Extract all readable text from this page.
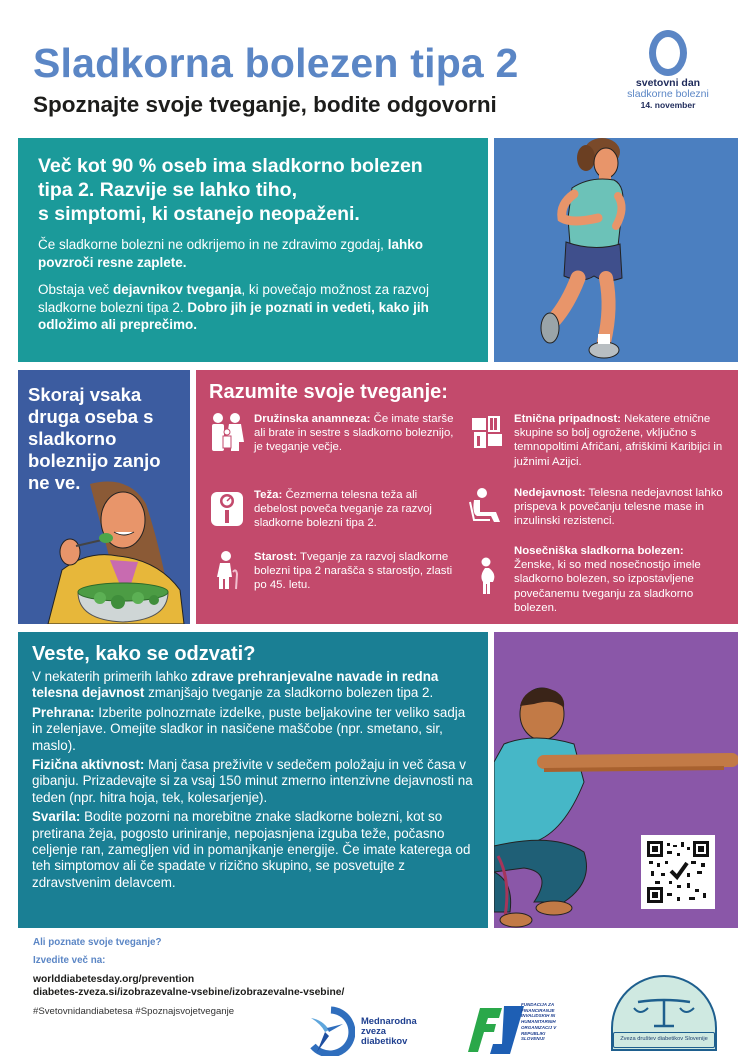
Sladkorna bolezen tipa 2
Spoznajte svoje tveganje, bodite odgovorni
svetovni dan
sladkorne bolezni
14. november
Več kot 90 % oseb ima sladkorno bolezen
tipa 2. Razvije se lahko tiho,
s simptomi, ki ostanejo neopaženi.

Če sladkorne bolezni ne odkrijemo in ne zdravimo zgodaj, lahko povzroči resne zaplete.

Obstaja več dejavnikov tveganja, ki povečajo možnost za razvoj sladkorne bolezni tipa 2. Dobro jih je poznati in vedeti, kako jih odložimo ali preprečimo.

Skoraj vsaka druga oseba s sladkorno boleznijo zanjo ne ve.
Razumite svoje tveganje:
Družinska anamneza: Če imate starše ali brate in sestre s sladkorno boleznijo, je tveganje večje.
Teža: Čezmerna telesna teža ali debelost poveča tveganje za razvoj sladkorne bolezni tipa 2.
Starost: Tveganje za razvoj sladkorne bolezni tipa 2 narašča s starostjo, zlasti po 45. letu.
Etnična pripadnost: Nekatere etnične skupine so bolj ogrožene, vključno s temnopoltimi Afričani, afriškimi Karibijci in južnimi Azijci.
Nedejavnost: Telesna nedejavnost lahko prispeva k povečanju telesne mase in inzulinski rezistenci.
Nosečniška sladkorna bolezen:
Ženske, ki so med nosečnostjo imele sladkorno bolezen, so izpostavljene povečanemu tveganju za sladkorno bolezen.
Veste, kako se odzvati?

V nekaterih primerih lahko zdrave prehranjevalne navade in redna telesna dejavnost zmanjšajo tveganje za sladkorno bolezen tipa 2.

Prehrana: Izberite polnozrnate izdelke, puste beljakovine ter veliko sadja in zelenjave. Omejite sladkor in nasičene maščobe (npr. smetano, sir, maslo).

Fizična aktivnost: Manj časa preživite v sedečem položaju in več časa v gibanju. Prizadevajte si za vsaj 150 minut zmerno intenzivne dejavnosti na teden (npr. hitra hoja, tek, kolesarjenje).

Svarila: Bodite pozorni na morebitne znake sladkorne bolezni, kot so pretirana žeja, pogosto uriniranje, nepojasnjena izguba teže, počasno celjenje ran, zamegljen vid in pomanjkanje energije. Če imate katerega od teh simptomov ali če spadate v rizično skupino, se posvetujte z zdravstvenim delavcem.

Ali poznate svoje tveganje?
Izvedite več na:
worlddiabetesday.org/prevention
diabetes-zveza.si/izobrazevalne-vsebine/izobrazevalne-vsebine/
#Svetovnidandiabetesa #Spoznajsvojetveganje
Mednarodna
zveza
diabetikov
FUNDACIJA ZA FINANCIRANJE INVALIDSKIH IN HUMANITARNIH ORGANIZACIJ V REPUBLIKI SLOVENIJI	Zveza društev diabetikov Slovenije
